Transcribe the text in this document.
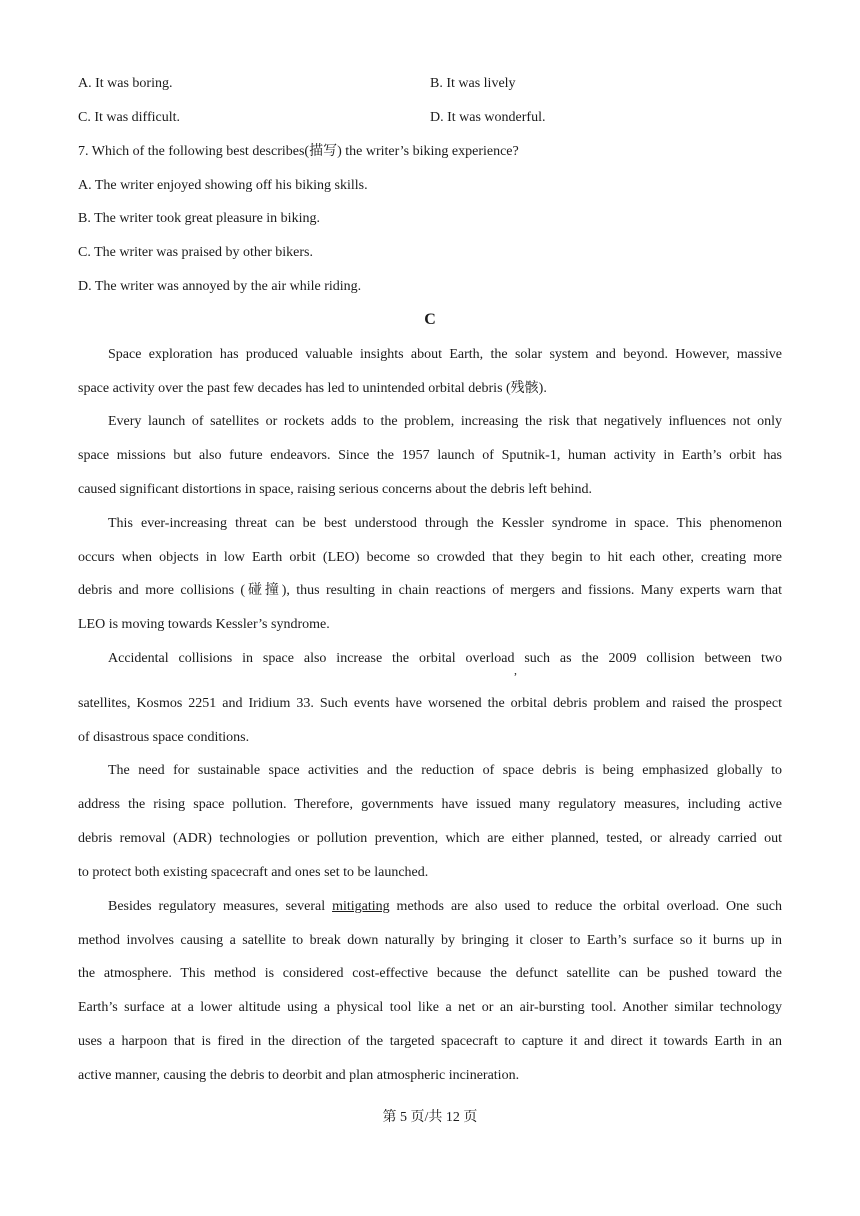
A. It was boring.	B. It was lively
C. It was difficult.	D. It was wonderful.
7. Which of the following best describes(描写) the writer’s biking experience?
A. The writer enjoyed showing off his biking skills.
B. The writer took great pleasure in biking.
C. The writer was praised by other bikers.
D. The writer was annoyed by the air while riding.
C
Space exploration has produced valuable insights about Earth, the solar system and beyond. However, massive
space activity over the past few decades has led to unintended orbital debris (残骸).
Every launch of satellites or rockets adds to the problem, increasing the risk that negatively influences not only
space missions but also future endeavors. Since the 1957 launch of Sputnik-1, human activity in Earth’s orbit has
caused significant distortions in space, raising serious concerns about the debris left behind.
This ever-increasing threat can be best understood through the Kessler syndrome in space. This phenomenon
occurs when objects in low Earth orbit (LEO) become so crowded that they begin to hit each other, creating more
debris and more collisions (碰撞), thus resulting in chain reactions of mergers and fissions. Many experts warn that
LEO is moving towards Kessler’s syndrome.
Accidental collisions in space also increase the orbital overload such as the 2009 collision between two
,
satellites, Kosmos 2251 and Iridium 33. Such events have worsened the orbital debris problem and raised the prospect
of disastrous space conditions.
The need for sustainable space activities and the reduction of space debris is being emphasized globally to
address the rising space pollution. Therefore, governments have issued many regulatory measures, including active
debris removal (ADR) technologies or pollution prevention, which are either planned, tested, or already carried out
to protect both existing spacecraft and ones set to be launched.
Besides regulatory measures, several mitigating methods are also used to reduce the orbital overload. One such
method involves causing a satellite to break down naturally by bringing it closer to Earth’s surface so it burns up in
the atmosphere. This method is considered cost-effective because the defunct satellite can be pushed toward the
Earth’s surface at a lower altitude using a physical tool like a net or an air-bursting tool. Another similar technology
uses a harpoon that is fired in the direction of the targeted spacecraft to capture it and direct it towards Earth in an
active manner, causing the debris to deorbit and plan atmospheric incineration.
第 5 页/共 12 页
